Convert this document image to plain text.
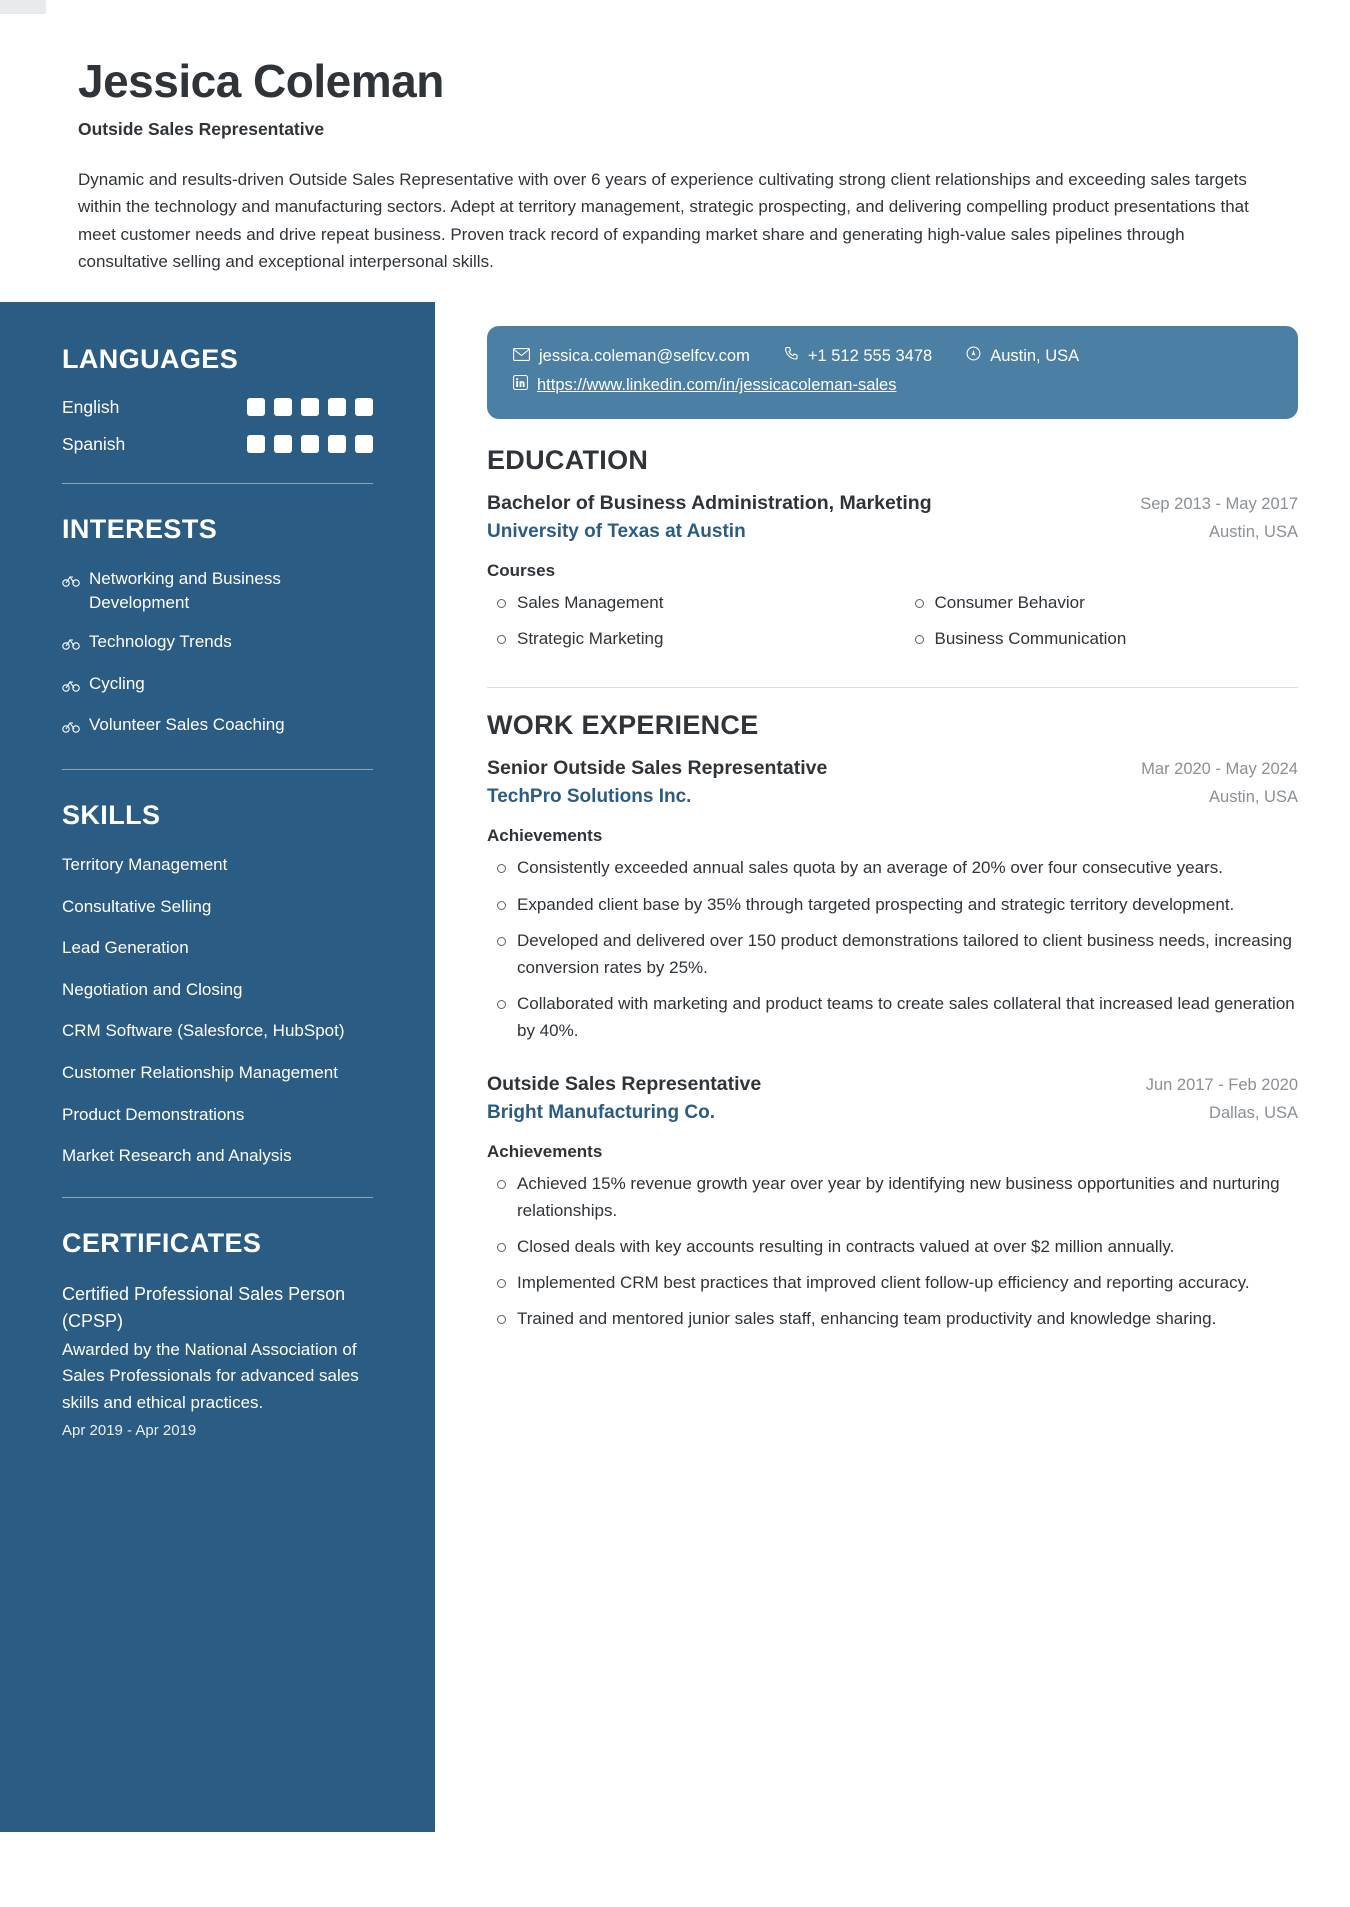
Jessica Coleman
Outside Sales Representative
Dynamic and results-driven Outside Sales Representative with over 6 years of experience cultivating strong client relationships and exceeding sales targets within the technology and manufacturing sectors. Adept at territory management, strategic prospecting, and delivering compelling product presentations that meet customer needs and drive repeat business. Proven track record of expanding market share and generating high-value sales pipelines through consultative selling and exceptional interpersonal skills.
LANGUAGES
English
Spanish
INTERESTS
Networking and Business Development
Technology Trends
Cycling
Volunteer Sales Coaching
SKILLS
Territory Management
Consultative Selling
Lead Generation
Negotiation and Closing
CRM Software (Salesforce, HubSpot)
Customer Relationship Management
Product Demonstrations
Market Research and Analysis
CERTIFICATES
Certified Professional Sales Person (CPSP)
Awarded by the National Association of Sales Professionals for advanced sales skills and ethical practices.
Apr 2019 - Apr 2019
jessica.coleman@selfcv.com	+1 512 555 3478	Austin, USA
https://www.linkedin.com/in/jessicacoleman-sales
EDUCATION
Bachelor of Business Administration, Marketing	Sep 2013 - May 2017
University of Texas at Austin	Austin, USA
Courses
Sales Management
Strategic Marketing
Consumer Behavior
Business Communication
WORK EXPERIENCE
Senior Outside Sales Representative	Mar 2020 - May 2024
TechPro Solutions Inc.	Austin, USA
Achievements
Consistently exceeded annual sales quota by an average of 20% over four consecutive years.
Expanded client base by 35% through targeted prospecting and strategic territory development.
Developed and delivered over 150 product demonstrations tailored to client business needs, increasing conversion rates by 25%.
Collaborated with marketing and product teams to create sales collateral that increased lead generation by 40%.
Outside Sales Representative	Jun 2017 - Feb 2020
Bright Manufacturing Co.	Dallas, USA
Achievements
Achieved 15% revenue growth year over year by identifying new business opportunities and nurturing relationships.
Closed deals with key accounts resulting in contracts valued at over $2 million annually.
Implemented CRM best practices that improved client follow-up efficiency and reporting accuracy.
Trained and mentored junior sales staff, enhancing team productivity and knowledge sharing.
